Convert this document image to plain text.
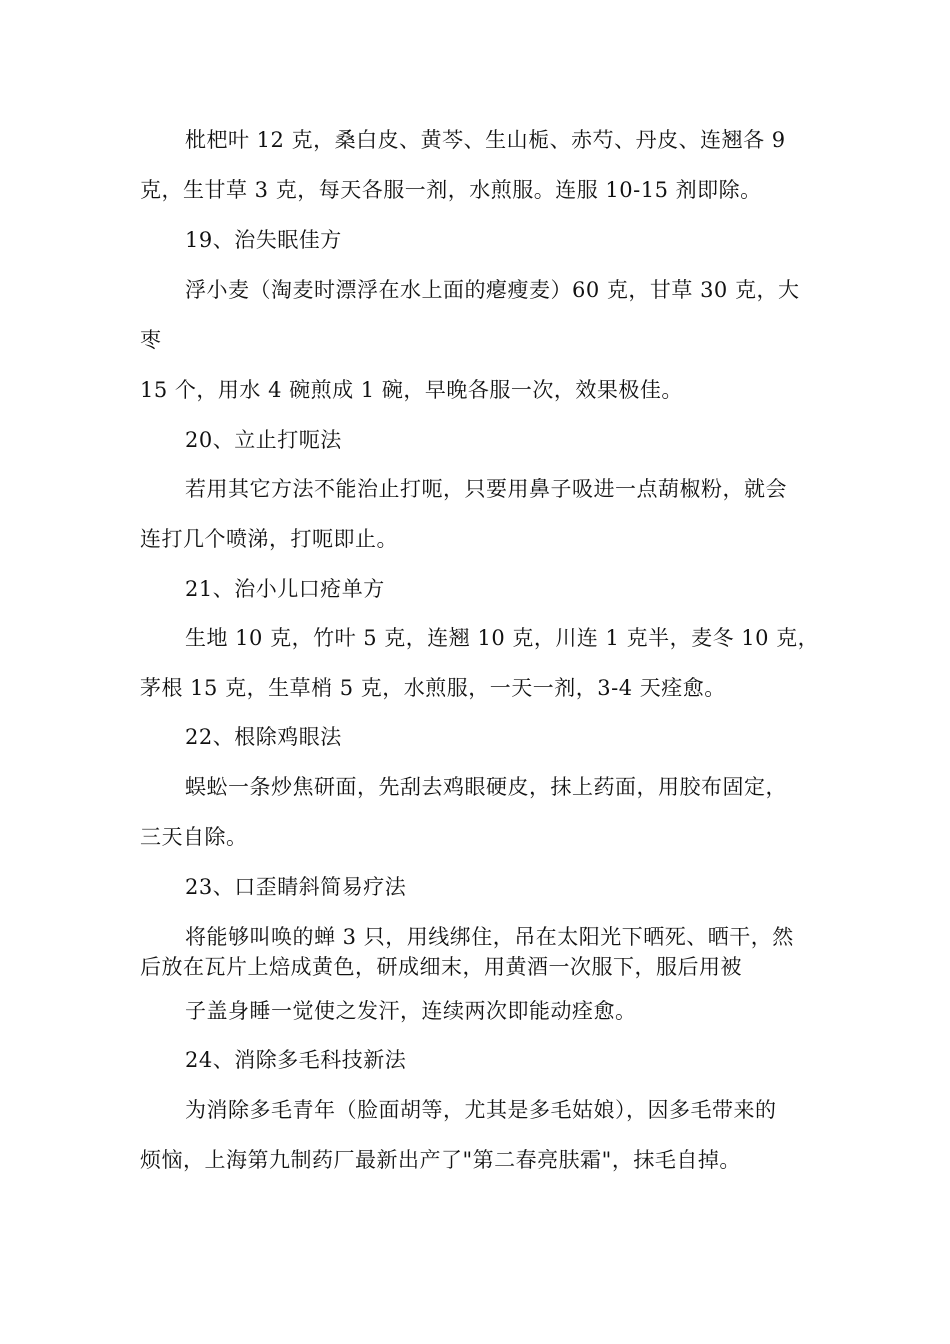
枇杷叶 12 克，桑白皮、黄芩、生山栀、赤芍、丹皮、连翘各 9
克，生甘草 3 克，每天各服一剂，水煎服。连服 10-15 剂即除。
19、治失眠佳方
浮小麦（淘麦时漂浮在水上面的瘪瘦麦）60 克，甘草 30 克，大
枣
15 个，用水 4 碗煎成 1 碗，早晚各服一次，效果极佳。
20、立止打呃法
若用其它方法不能治止打呃，只要用鼻子吸进一点葫椒粉，就会
连打几个喷涕，打呃即止。
21、治小儿口疮单方
生地 10 克，竹叶 5 克，连翘 10 克，川连 1 克半，麦冬 10 克，
茅根 15 克，生草梢 5 克，水煎服，一天一剂，3-4 天痊愈。
22、根除鸡眼法
蜈蚣一条炒焦研面，先刮去鸡眼硬皮，抹上药面，用胶布固定，
三天自除。
23、口歪睛斜简易疗法
将能够叫唤的蝉 3 只，用线绑住，吊在太阳光下晒死、晒干，然
后放在瓦片上焙成黄色，研成细末，用黄酒一次服下，服后用被
子盖身睡一觉使之发汗，连续两次即能动痊愈。
24、消除多毛科技新法
为消除多毛青年（脸面胡等，尤其是多毛姑娘），因多毛带来的
烦恼，上海第九制药厂最新出产了"第二春亮肤霜"，抹毛自掉。
